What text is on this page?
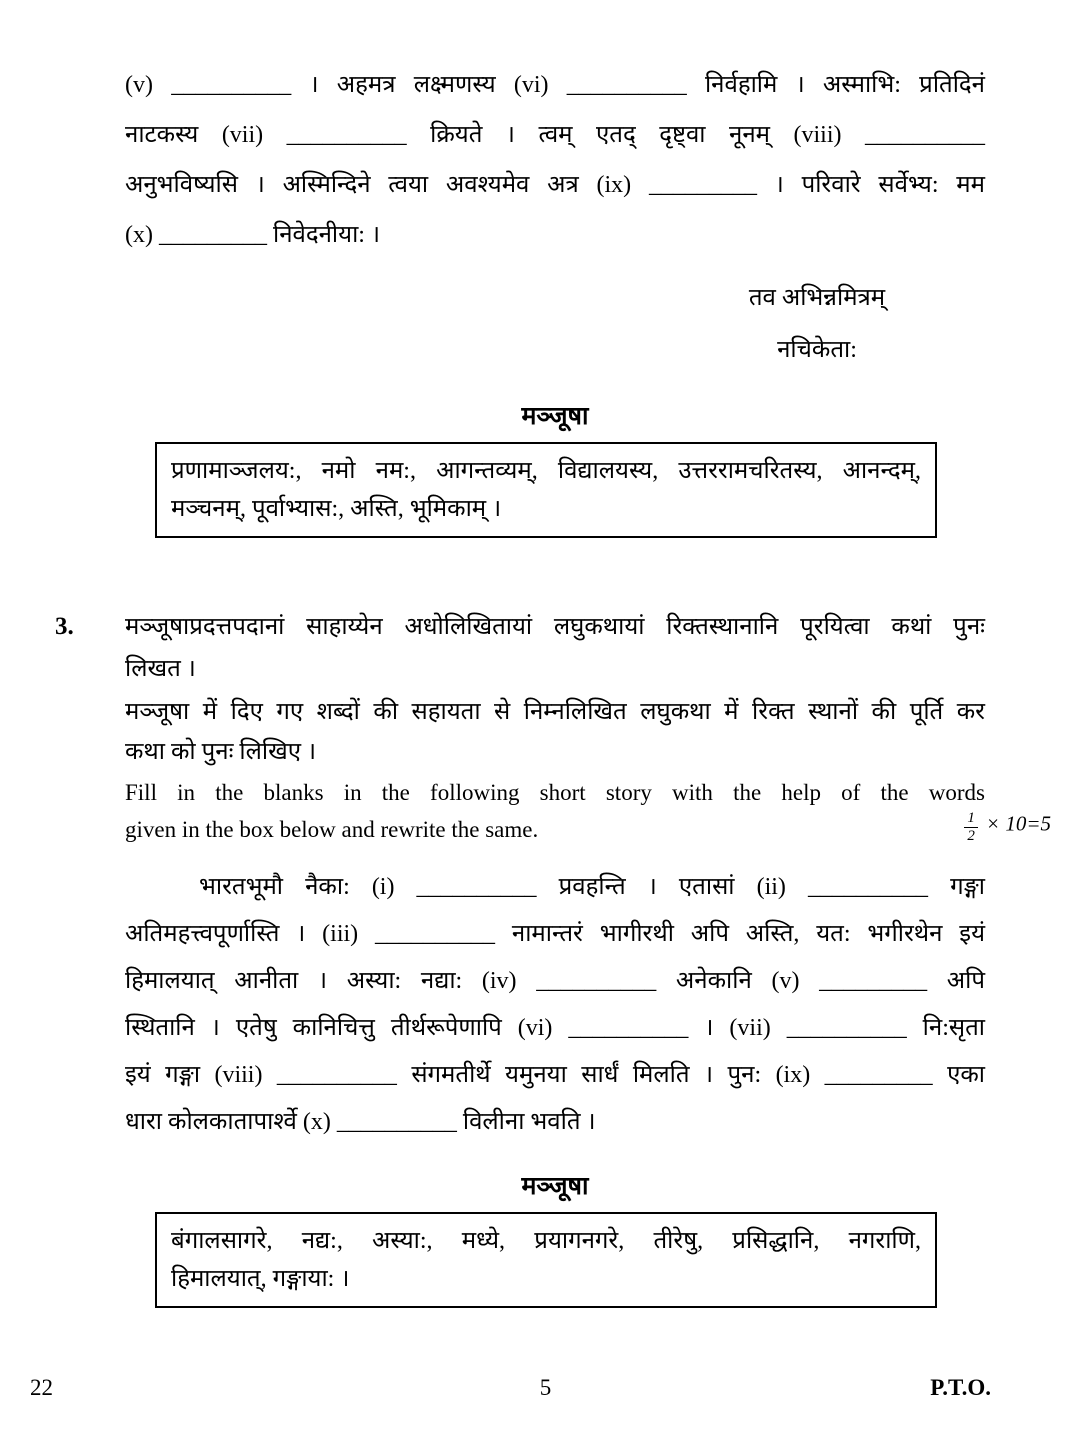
(v) __________ । अहमत्र लक्ष्मणस्य (vi) __________ निर्वहामि । अस्माभि: प्रतिदिनं
नाटकस्य (vii) __________ क्रियते । त्वम् एतद् दृष्ट्वा नूनम् (viii) __________
अनुभविष्यसि । अस्मिन्दिने त्वया अवश्यमेव अत्र (ix) _________ । परिवारे सर्वेभ्य: मम
(x) _________ निवेदनीया: ।
तव अभिन्नमित्रम्
नचिकेता:
मञ्जूषा
प्रणामाञ्जलय:, नमो नम:, आगन्तव्यम्, विद्यालयस्य, उत्तररामचरितस्य, आनन्दम्,
मञ्चनम्, पूर्वाभ्यास:, अस्ति, भूमिकाम् ।
3. मञ्जूषाप्रदत्तपदानां साहाय्येन अधोलिखितायां लघुकथायां रिक्तस्थानानि पूरयित्वा कथां पुनः
लिखत ।
मञ्जूषा में दिए गए शब्दों की सहायता से निम्नलिखित लघुकथा में रिक्त स्थानों की पूर्ति कर
कथा को पुनः लिखिए ।
Fill in the blanks in the following short story with the help of the words
given in the box below and rewrite the same.	$\frac{1}{2} \times 10=5$
भारतभूमौ नैका: (i) __________ प्रवहन्ति । एतासां (ii) __________ गङ्गा
अतिमहत्त्वपूर्णास्ति । (iii) __________ नामान्तरं भागीरथी अपि अस्ति, यत: भगीरथेन इयं
हिमालयात् आनीता । अस्या: नद्या: (iv) __________ अनेकानि (v) _________ अपि
स्थितानि । एतेषु कानिचित्तु तीर्थरूपेणापि (vi) __________ । (vii) __________ नि:सृता
इयं गङ्गा (viii) __________ संगमतीर्थे यमुनया सार्धं मिलति । पुन: (ix) _________ एका
धारा कोलकातापार्श्वे (x) __________ विलीना भवति ।
मञ्जूषा
बंगालसागरे, नद्य:, अस्या:, मध्ये, प्रयागनगरे, तीरेषु, प्रसिद्धानि, नगराणि,
हिमालयात्, गङ्गाया: ।
22	5	P.T.O.
